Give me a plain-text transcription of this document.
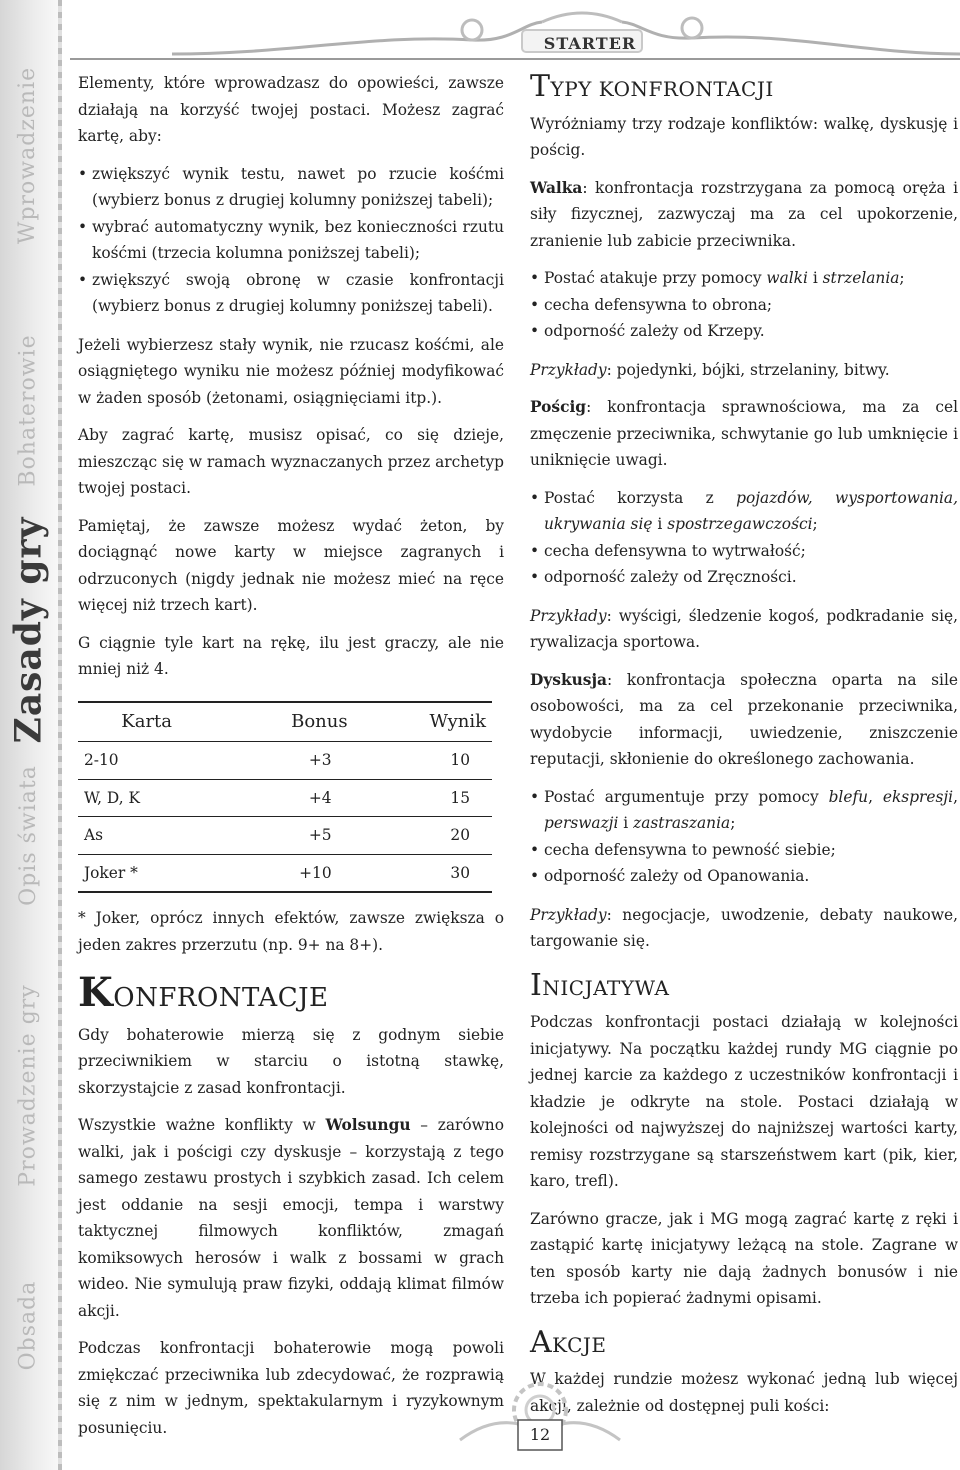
Wprowadzenie
Bohaterowie
Zasady gry
Opis świata
Prowadzenie gry
Obsada
STARTER

Elementy, które wprowadzasz do opowieści, zawsze działają na korzyść twojej postaci. Możesz zagrać kartę, aby:

• zwiększyć wynik testu, nawet po rzucie kośćmi (wybierz bonus z drugiej kolumny poniższej tabeli);
• wybrać automatyczny wynik, bez konieczności rzutu kośćmi (trzecia kolumna poniższej tabeli);
• zwiększyć swoją obronę w czasie konfrontacji (wybierz bonus z drugiej kolumny poniższej tabeli).

Jeżeli wybierzesz stały wynik, nie rzucasz kośćmi, ale osiągniętego wyniku nie możesz później modyfikować w żaden sposób (żetonami, osiągnięciami itp.).

Aby zagrać kartę, musisz opisać, co się dzieje, mieszcząc się w ramach wyznaczanych przez archetyp twojej postaci.

Pamiętaj, że zawsze możesz wydać żeton, by dociągnąć nowe karty w miejsce zagranych i odrzuconych (nigdy jednak nie możesz mieć na ręce więcej niż trzech kart).

G ciągnie tyle kart na rękę, ilu jest graczy, ale nie mniej niż 4.

Karta	Bonus	Wynik
2-10	+3	10
W, D, K	+4	15
As	+5	20
Joker *	+10	30

* Joker, oprócz innych efektów, zawsze zwiększa o jeden zakres przerzutu (np. 9+ na 8+).

KONFRONTACJE

Gdy bohaterowie mierzą się z godnym siebie przeciwnikiem w starciu o istotną stawkę, skorzystajcie z zasad konfrontacji.

Wszystkie ważne konflikty w Wolsungu – zarówno walki, jak i pościgi czy dyskusje – korzystają z tego samego zestawu prostych i szybkich zasad. Ich celem jest oddanie na sesji emocji, tempa i warstwy taktycznej filmowych konfliktów, zmagań komiksowych herosów i walk z bossami w grach wideo. Nie symulują praw fizyki, oddają klimat filmów akcji.

Podczas konfrontacji bohaterowie mogą powoli zmiękczać przeciwnika lub zdecydować, że rozprawią się z nim w jednym, spektakularnym i ryzykownym posunięciu.

TYPY KONFRONTACJI

Wyróżniamy trzy rodzaje konfliktów: walkę, dyskusję i pościg.

Walka: konfrontacja rozstrzygana za pomocą oręża i siły fizycznej, zazwyczaj ma za cel upokorzenie, zranienie lub zabicie przeciwnika.

• Postać atakuje przy pomocy walki i strzelania;
• cecha defensywna to obrona;
• odporność zależy od Krzepy.

Przykłady: pojedynki, bójki, strzelaniny, bitwy.

Pościg: konfrontacja sprawnościowa, ma za cel zmęczenie przeciwnika, schwytanie go lub umknięcie i uniknięcie uwagi.

• Postać korzysta z pojazdów, wysportowania, ukrywania się i spostrzegawczości;
• cecha defensywna to wytrwałość;
• odporność zależy od Zręczności.

Przykłady: wyścigi, śledzenie kogoś, podkradanie się, rywalizacja sportowa.

Dyskusja: konfrontacja społeczna oparta na sile osobowości, ma za cel przekonanie przeciwnika, wydobycie informacji, uwiedzenie, zniszczenie reputacji, skłonienie do określonego zachowania.

• Postać argumentuje przy pomocy blefu, ekspresji, perswazji i zastraszania;
• cecha defensywna to pewność siebie;
• odporność zależy od Opanowania.

Przykłady: negocjacje, uwodzenie, debaty naukowe, targowanie się.

INICJATYWA

Podczas konfrontacji postaci działają w kolejności inicjatywy. Na początku każdej rundy MG ciągnie po jednej karcie za każdego z uczestników konfrontacji i kładzie je odkryte na stole. Postaci działają w kolejności od najwyższej do najniższej wartości karty, remisy rozstrzygane są starszeństwem kart (pik, kier, karo, trefl).

Zarówno gracze, jak i MG mogą zagrać kartę z ręki i zastąpić kartę inicjatywy leżącą na stole. Zagrane w ten sposób karty nie dają żadnych bonusów i nie trzeba ich popierać żadnymi opisami.

AKCJE

W każdej rundzie możesz wykonać jedną lub więcej akcji, zależnie od dostępnej puli kości:

12
